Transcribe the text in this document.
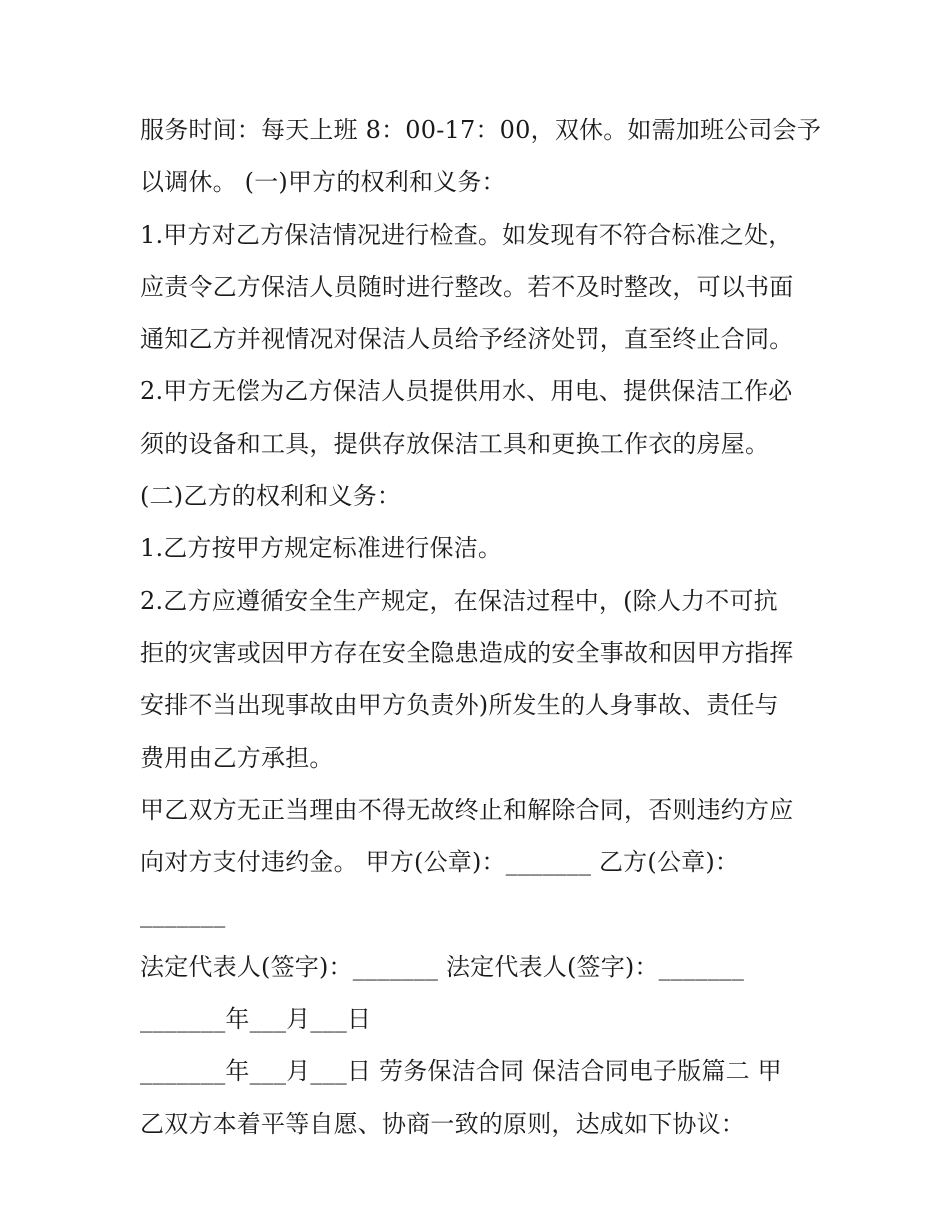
服务时间：每天上班 8：00-17：00，双休。如需加班公司会予
以调休。 (一)甲方的权利和义务：
1.甲方对乙方保洁情况进行检查。如发现有不符合标准之处，
应责令乙方保洁人员随时进行整改。若不及时整改，可以书面
通知乙方并视情况对保洁人员给予经济处罚，直至终止合同。
2.甲方无偿为乙方保洁人员提供用水、用电、提供保洁工作必
须的设备和工具，提供存放保洁工具和更换工作衣的房屋。
(二)乙方的权利和义务：
1.乙方按甲方规定标准进行保洁。
2.乙方应遵循安全生产规定，在保洁过程中，(除人力不可抗
拒的灾害或因甲方存在安全隐患造成的安全事故和因甲方指挥
安排不当出现事故由甲方负责外)所发生的人身事故、责任与
费用由乙方承担。
甲乙双方无正当理由不得无故终止和解除合同，否则违约方应
向对方支付违约金。 甲方(公章)：_______ 乙方(公章)：
_______
法定代表人(签字)：_______ 法定代表人(签字)：_______
_______年___月___日
_______年___月___日 劳务保洁合同 保洁合同电子版篇二 甲
乙双方本着平等自愿、协商一致的原则，达成如下协议：
